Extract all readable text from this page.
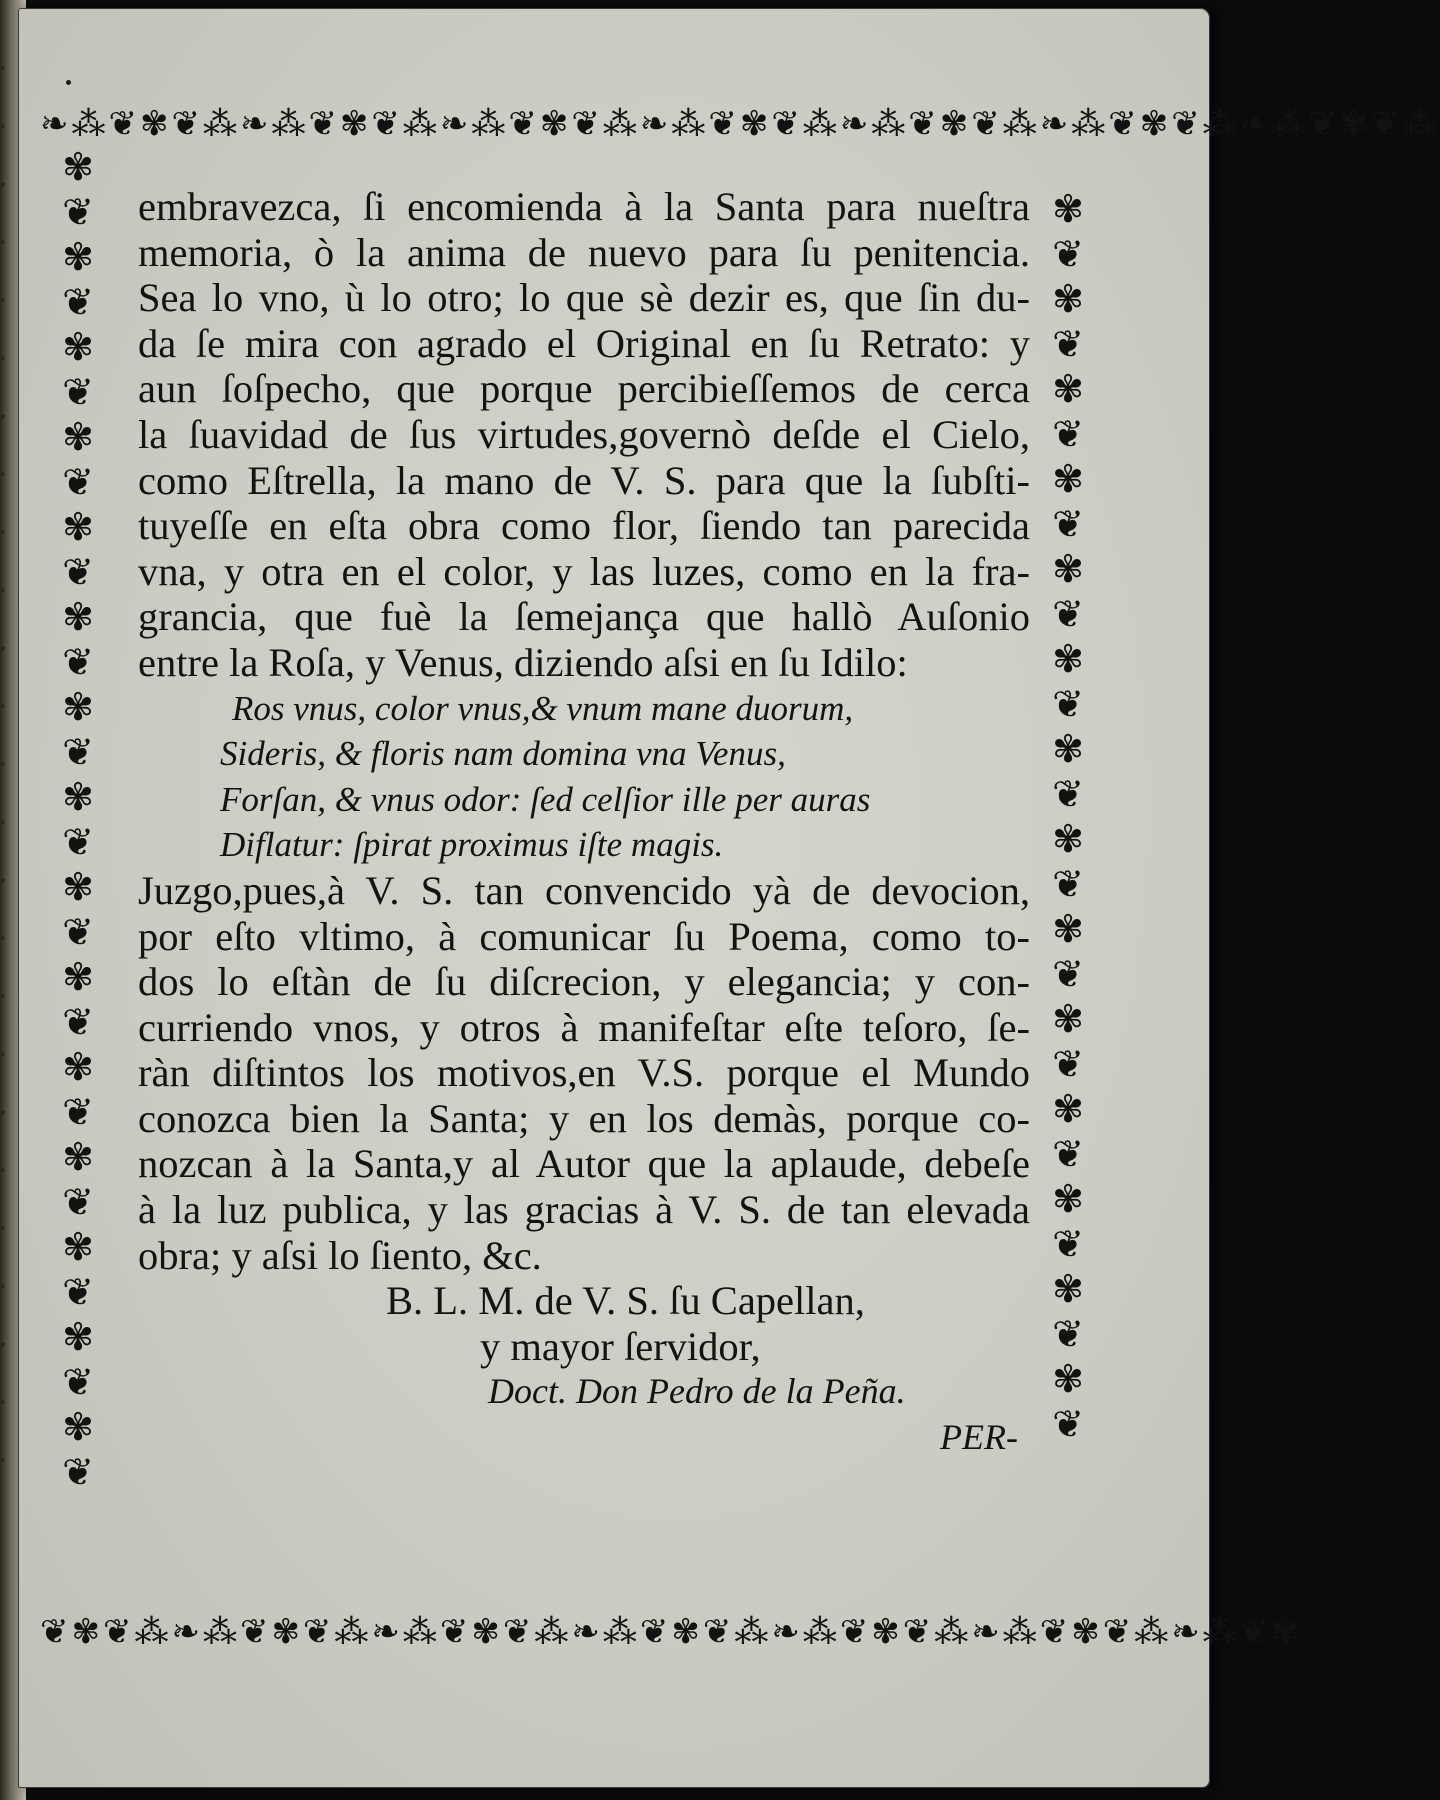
▪
▪
▪
▪
▪
▪
▪
▪
▪
▪
▪
▪
▪
▪
▪
▪
▪
▪
▪
▪
▪
▪
▪
▪
▪
❧⁂❦✾❦⁂❧⁂❦✾❦⁂❧⁂❦✾❦⁂❧⁂❦✾❦⁂❧⁂❦✾❦⁂❧⁂❦✾❦⁂❧⁂❦✾❦⁂
❦✾❦⁂❧⁂❦✾❦⁂❧⁂❦✾❦⁂❧⁂❦✾❦⁂❧⁂❦✾❦⁂❧⁂❦✾❦⁂❧⁂❦✾
✾
❦
✾
❦
✾
❦
✾
❦
✾
❦
✾
❦
✾
❦
✾
❦
✾
❦
✾
❦
✾
❦
✾
❦
✾
❦
✾
❦
✾
❦
✾
❦
✾
❦
✾
❦
✾
❦
✾
❦
✾
❦
✾
❦
✾
❦
✾
❦
✾
❦
✾
❦
✾
❦
✾
❦
✾
❦
embravezca, ſi encomienda à la Santa para nueſtra
memoria, ò la anima de nuevo para ſu penitencia.
Sea lo vno, ù lo otro; lo que sè dezir es, que ſin du-
da ſe mira con agrado el Original en ſu Retrato: y
aun ſoſpecho, que porque percibieſſemos de cerca
la ſuavidad de ſus virtudes,governò deſde el Cielo,
como Eſtrella, la mano de V. S. para que la ſubſti-
tuyeſſe en eſta obra como flor, ſiendo tan parecida
vna, y otra en el color, y las luzes, como en la fra-
grancia, que fuè la ſemejança que hallò Auſonio
entre la Roſa, y Venus, diziendo aſsi en ſu Idilo:
Ros vnus, color vnus,& vnum mane duorum,
Sideris, & floris nam domina vna Venus,
Forſan, & vnus odor: ſed celſior ille per auras
Diflatur: ſpirat proximus iſte magis.
Juzgo,pues,à V. S. tan convencido yà de devocion,
por eſto vltimo, à comunicar ſu Poema, como to-
dos lo eſtàn de ſu diſcrecion, y elegancia; y con-
curriendo vnos, y otros à manifeſtar eſte teſoro, ſe-
ràn diſtintos los motivos,en V.S. porque el Mundo
conozca bien la Santa; y en los demàs, porque co-
nozcan à la Santa,y al Autor que la aplaude, debeſe
à la luz publica, y las gracias à V. S. de tan elevada
obra; y aſsi lo ſiento, &c.
B. L. M. de V. S. ſu Capellan,
y mayor ſervidor,
Doct. Don Pedro de la Peña.
PER-
